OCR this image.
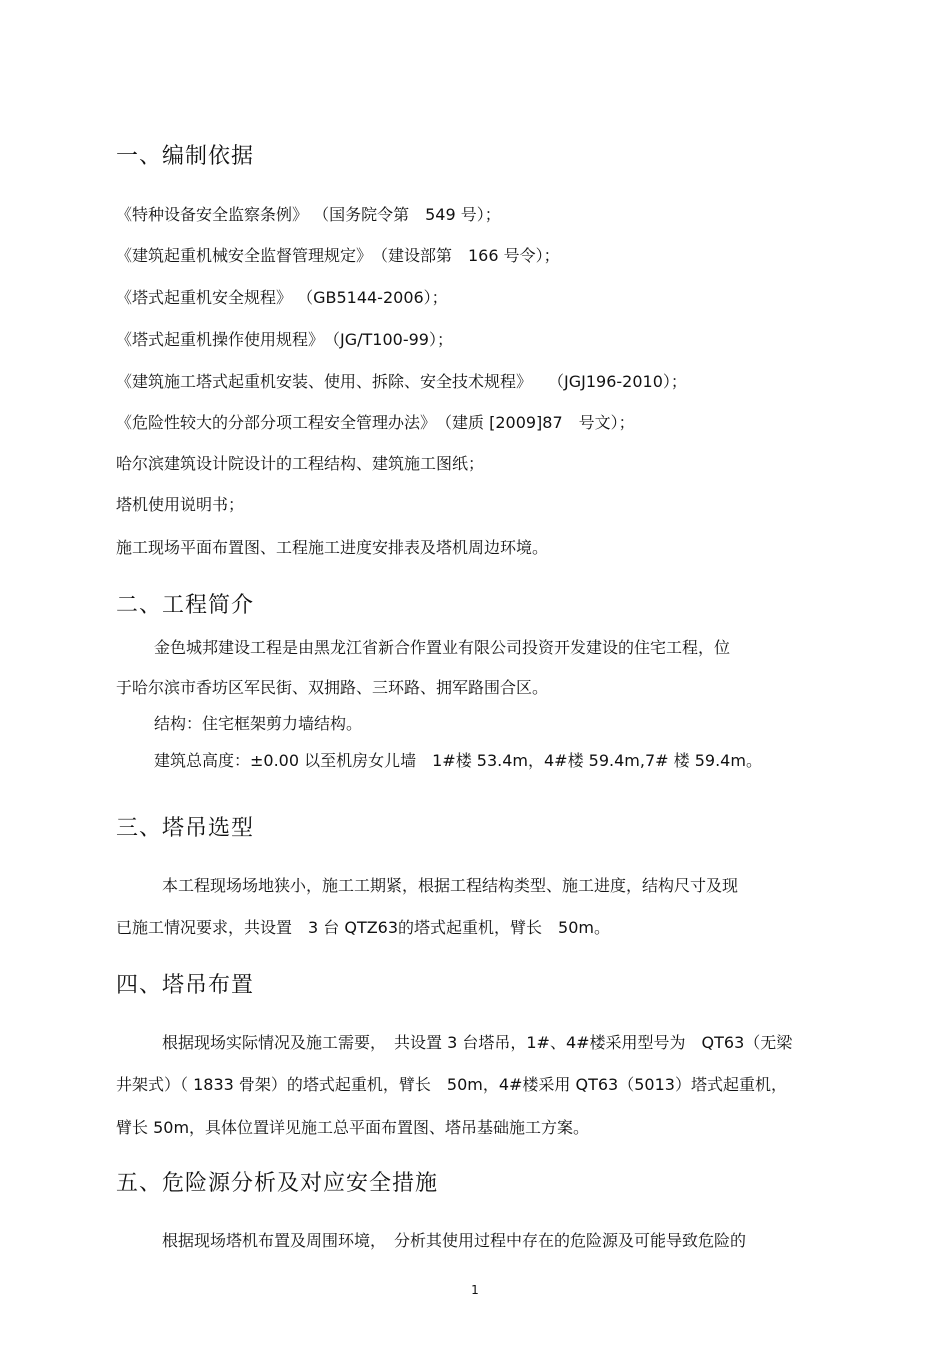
一、编制依据
《特种设备安全监察条例》 （国务院令第　549 号）；
《建筑起重机械安全监督管理规定》　（建设部第　166 号令）；
《塔式起重机安全规程》 （GB5144-2006）；
《塔式起重机操作使用规程》　（JG/T100-99）；
《建筑施工塔式起重机安装、使用、拆除、安全技术规程》　　（JGJ196-2010）；
《危险性较大的分部分项工程安全管理办法》　（建质 [2009]87　号文）；
哈尔滨建筑设计院设计的工程结构、建筑施工图纸；
塔机使用说明书；
施工现场平面布置图、工程施工进度安排表及塔机周边环境。
二、工程简介
金色城邦建设工程是由黑龙江省新合作置业有限公司投资开发建设的住宅工程，位
于哈尔滨市香坊区军民街、双拥路、三环路、拥军路围合区。
结构：住宅框架剪力墙结构。
建筑总高度：±0.00 以至机房女儿墙　1#楼 53.4m，4#楼 59.4m,7# 楼 59.4m。
三、塔吊选型
本工程现场场地狭小，施工工期紧，根据工程结构类型、施工进度，结构尺寸及现
已施工情况要求，共设置　3 台 QTZ63的塔式起重机，臂长　50m。
四、塔吊布置
根据现场实际情况及施工需要，　共设置 3 台塔吊，1#、4#楼采用型号为　QT63（无梁
井架式）（ 1833 骨架）的塔式起重机，臂长　50m，4#楼采用 QT63（5013）塔式起重机，
臂长 50m，具体位置详见施工总平面布置图、塔吊基础施工方案。
五、危险源分析及对应安全措施
根据现场塔机布置及周围环境，　分析其使用过程中存在的危险源及可能导致危险的
1
